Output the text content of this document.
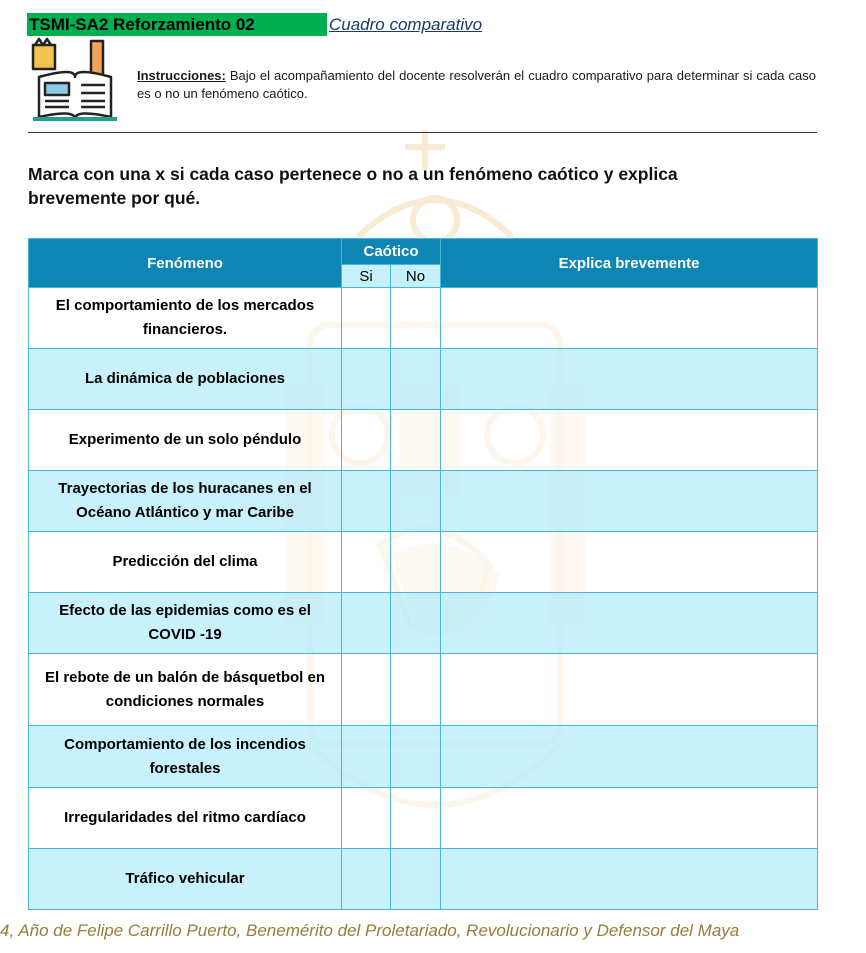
TSMI-SA2 Reforzamiento 02	Cuadro comparativo
Instrucciones: Bajo el acompañamiento del docente resolverán el cuadro comparativo para determinar si cada caso es o no un fenómeno caótico.
Marca con una x si cada caso pertenece o no a un fenómeno caótico y explica brevemente por qué.
Fenómeno	Caótico		Explica brevemente
	Si	No	
El comportamiento de los mercados financieros.			
La dinámica de poblaciones			
Experimento de un solo péndulo			
Trayectorias de los huracanes en el Océano Atlántico y mar Caribe			
Predicción del clima			
Efecto de las epidemias como es el COVID -19			
El rebote de un balón de básquetbol en condiciones normales			
Comportamiento de los incendios forestales			
Irregularidades del ritmo cardíaco			
Tráfico vehicular			
4, Año de Felipe Carrillo Puerto, Benemérito del Proletariado, Revolucionario y Defensor del Maya
